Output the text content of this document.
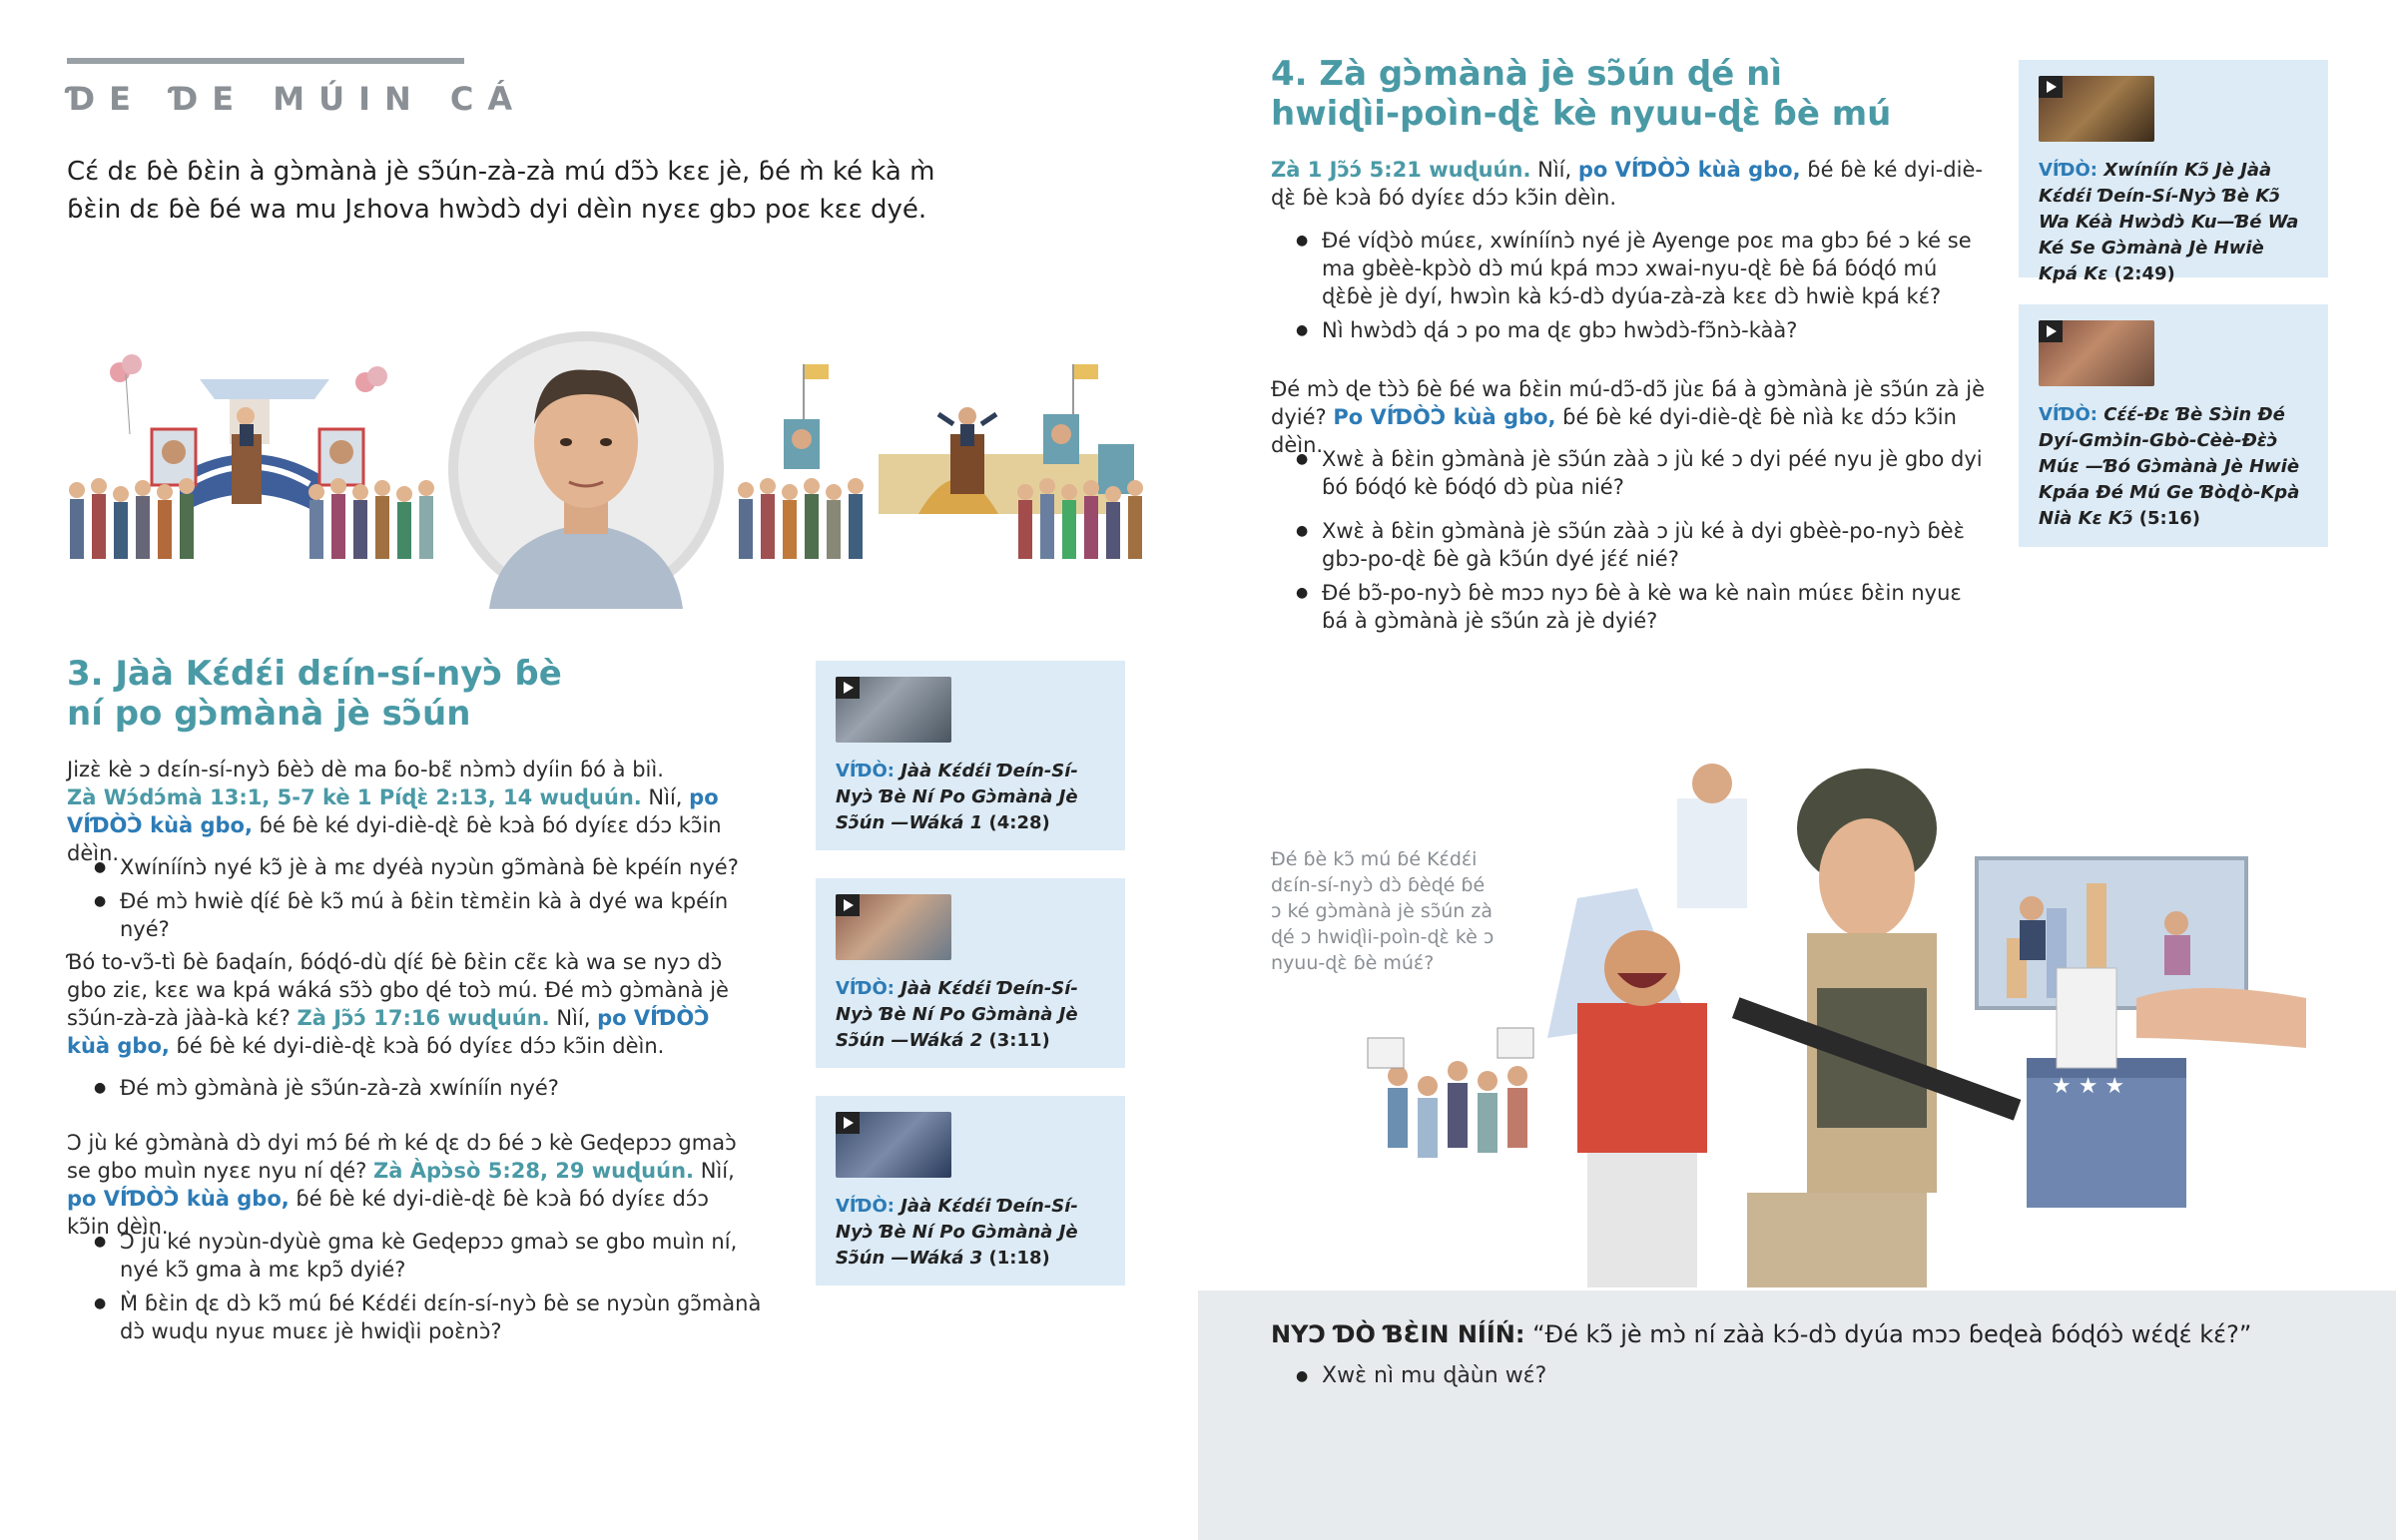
ƊE ƊE MÚIN CÁ
Cɛ́ dɛ ɓè ɓɛ̀in à gɔ̀mànà jè sɔ̃ún-zà-zà mú dɔ̃ɔ̀ kɛɛ jè, ɓé m̀ ké kà m̀ ɓɛ̀in dɛ ɓè ɓé wa mu Jɛhova hwɔ̀dɔ̀ dyi dèìn nyɛɛ gbɔ poɛ kɛɛ dyé.
3. Jàà Kɛ́dɛ́i dɛín-sí-nyɔ̀ ɓè
ní po gɔ̀mànà jè sɔ̃ún
Jizɛ̀ kè ɔ dɛín-sí-nyɔ̀ ɓèɔ̀ dè ma ɓo-bɛ̃ nɔ̀mɔ̀ dyíin ɓó à biì.
Zà Wɔ́dɔ́mà 13:1, 5-7 kè 1 Píɖɛ̀ 2:13, 14 wuɖuún. Nìí, po VÍƊÒƆ̀ kùà gbo, ɓé ɓè ké dyi-diè-ɖɛ̀ ɓè kɔà ɓó dyíɛɛ dɔ́ɔ kɔ̃in dèìn.
● Xwíníínɔ̀ nyé kɔ̃ jè à mɛ dyéà nyɔùn gɔ̃mànà ɓè kpéín nyé?
● Ɖé mɔ̀ hwiè ɖíɛ́ ɓè kɔ̃ mú à ɓɛ̀in tɛ̀mɛ̀in kà à dyé wa kpéín nyé?
Ɓó to-vɔ̃-tì ɓè ɓaɖaín, ɓóɖó-dù ɖíɛ́ ɓè ɓɛ̀in cɛ̃ɛ kà wa se nyɔ dɔ̀ gbo ziɛ, kɛɛ wa kpá wáká sɔ̃ɔ̀ gbo ɖé toɔ̀ mú. Ɖé mɔ̀ gɔ̀mànà jè sɔ̃ún-zà-zà jàà-kà kɛ́? Zà Jɔ̃ɔ́ 17:16 wuɖuún. Nìí, po VÍƊÒƆ̀ kùà gbo, ɓé ɓè ké dyi-diè-ɖɛ̀ kɔà ɓó dyíɛɛ dɔ́ɔ kɔ̃in dèìn.
● Ɖé mɔ̀ gɔ̀mànà jè sɔ̃ún-zà-zà xwíníín nyé?
Ɔ jù ké gɔ̀mànà dɔ̀ dyi mɔ́ ɓé m̀ ké ɖɛ dɔ ɓé ɔ kè Geɖepɔɔ gmaɔ̀ se gbo muìn nyɛɛ nyu ní ɖé? Zà Àpɔ̀sò 5:28, 29 wuɖuún. Nìí, po VÍƊÒƆ̀ kùà gbo, ɓé ɓè ké dyi-diè-ɖɛ̀ ɓè kɔà ɓó dyíɛɛ dɔ́ɔ kɔ̃in dèìn.
● Ɔ jù ké nyɔùn-dyùè gma kè Geɖepɔɔ gmaɔ̀ se gbo muìn ní, nyé kɔ̃ gma à mɛ kpɔ̃ dyié?
● M̀ ɓɛ̀in ɖɛ dɔ̀ kɔ̃ mú ɓé Kɛ́dɛ́i dɛín-sí-nyɔ̀ ɓè se nyɔùn gɔ̃mànà dɔ̀ wuɖu nyuɛ muɛɛ jè hwiɖìi poɛ̀nɔ̀?
VÍƊÒ: Jàà Kɛ́dɛ́i Ɗeín-Sí-Nyɔ̀ Ɓè Ní Po Gɔ̀mànà Jè Sɔ̃ún —Wáká 1 (4:28)
VÍƊÒ: Jàà Kɛ́dɛ́i Ɗeín-Sí-Nyɔ̀ Ɓè Ní Po Gɔ̀mànà Jè Sɔ̃ún —Wáká 2 (3:11)
VÍƊÒ: Jàà Kɛ́dɛ́i Ɗeín-Sí-Nyɔ̀ Ɓè Ní Po Gɔ̀mànà Jè Sɔ̃ún —Wáká 3 (1:18)
4. Zà gɔ̀mànà jè sɔ̃ún ɖé nì
hwiɖìi-poìn-ɖɛ̀ kè nyuu-ɖɛ̀ ɓè mú
Zà 1 Jɔ̃ɔ́ 5:21 wuɖuún. Nìí, po VÍƊÒƆ̀ kùà gbo, ɓé ɓè ké dyi-diè-ɖɛ̀ ɓè kɔà ɓó dyíɛɛ dɔ́ɔ kɔ̃in dèìn.
● Ɖé víɖɔ̀ò múɛɛ, xwíníínɔ̀ nyé jè Ayenge poɛ ma gbɔ ɓé ɔ ké se ma gbèè-kpɔ̀ò dɔ̀ mú kpá mɔɔ xwai-nyu-ɖɛ̀ ɓè ɓá ɓóɖó mú ɖɛ̀ɓè jè dyí, hwɔìn kà kɔ́-dɔ̀ dyúa-zà-zà kɛɛ dɔ̀ hwiè kpá kɛ́?
● Nì hwɔ̀dɔ̀ ɖá ɔ po ma ɖɛ gbɔ hwɔ̀dɔ̀-fɔ̃nɔ̀-kàà?
Ɖé mɔ̀ ɖe tɔ̀ɔ̀ ɓè ɓé wa ɓɛ̀in mú-dɔ̃-dɔ̃ jùɛ ɓá à gɔ̀mànà jè sɔ̃ún zà jè dyié? Po VÍƊÒƆ̀ kùà gbo, ɓé ɓè ké dyi-diè-ɖɛ̀ ɓè nìà kɛ dɔ́ɔ kɔ̃in dèìn.
● Xwɛ̀ à ɓɛ̀in gɔ̀mànà jè sɔ̃ún zàà ɔ jù ké ɔ dyi péé nyu jè gbo dyi ɓó ɓóɖó kè ɓóɖó dɔ̀ pùa nié?
● Xwɛ̀ à ɓɛ̀in gɔ̀mànà jè sɔ̃ún zàà ɔ jù ké à dyi gbèè-po-nyɔ̀ ɓèɛ̀ gbɔ-po-ɖɛ̀ ɓè gà kɔ̃ún dyé jɛ́ɛ́ nié?
● Ɖé bɔ̃-po-nyɔ̀ ɓè mɔɔ nyɔ ɓè à kè wa kè naìn múɛɛ ɓɛ̀in nyuɛ ɓá à gɔ̀mànà jè sɔ̃ún zà jè dyié?
VÍƊÒ: Xwíníín Kɔ̃ Jè Jàà Kɛ́dɛ́i Ɗeín-Sí-Nyɔ̀ Ɓè Kɔ̃ Wa Kéà Hwɔ̀dɔ̀ Ku—Ɓé Wa Ké Se Gɔ̀mànà Jè Hwiè Kpá Kɛ (2:49)
VÍƊÒ: Cɛ́ɛ́-Ɖɛ Ɓè Sɔ̀in Ɖé Dyí-Gmɔ̀in-Gbò-Cèè-Ɖɛ̀ɔ̀ Múɛ —Ɓó Gɔ̀mànà Jè Hwiè Kpáa Ɖé Mú Ge Ɓòɖò-Kpà Nià Kɛ Kɔ̃ (5:16)
Ɖé ɓè kɔ̃ mú ɓé Kɛ́dɛ́i dɛín-sí-nyɔ̀ dɔ̀ ɓèɖé ɓé ɔ ké gɔ̀mànà jè sɔ̃ún zà ɖé ɔ hwiɖìi-poìn-ɖɛ̀ kè ɔ nyuu-ɖɛ̀ ɓè múɛ́?
★ ★ ★
NYƆ ƊÒ ƁƐ̀IN NÍÍŃ: “Ɖé kɔ̃ jè mɔ̀ ní zàà kɔ́-dɔ̀ dyúa mɔɔ ɓeɖeà ɓóɖóɔ̀ wɛ́ɖɛ́ kɛ́?”
● Xwɛ̀ nì mu ɖàùn wɛ́?
